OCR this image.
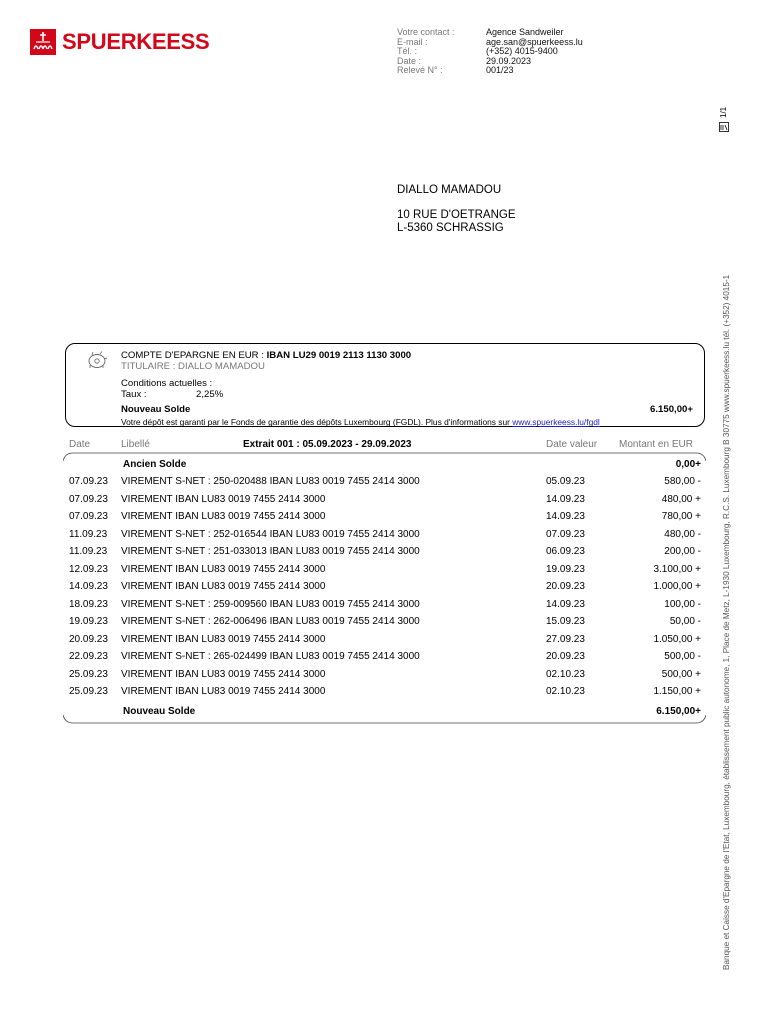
SPUERKEESS	Votre contact :	Agence Sandweiler
E-mail :	age.san@spuerkeess.lu
Tél. :	(+352) 4015-9400
Date :	29.09.2023
Relevé N° :	001/23
1/1
DIALLO MAMADOU
10 RUE D'OETRANGE
L-5360 SCHRASSIG
Banque et Caisse d'Epargne de l'Etat, Luxembourg, établissement public autonome, 1, Place de Metz, L-1930 Luxembourg, R.C.S. Luxembourg B 30775 www.spuerkeess.lu tél. (+352) 4015-1
COMPTE D'EPARGNE EN EUR : IBAN LU29 0019 2113 1130 3000
TITULAIRE : DIALLO MAMADOU
Conditions actuelles :
Taux :	2,25%
Nouveau Solde	6.150,00+
Votre dépôt est garanti par le Fonds de garantie des dépôts Luxembourg (FGDL). Plus d'informations sur www.spuerkeess.lu/fgdl
Date	Libellé	Extrait 001 : 05.09.2023 - 29.09.2023	Date valeur Montant en EUR
Ancien Solde	0,00+
07.09.23 VIREMENT S-NET : 250-020488 IBAN LU83 0019 7455 2414 3000	05.09.23	580,00 -
07.09.23 VIREMENT IBAN LU83 0019 7455 2414 3000	14.09.23	480,00 +
07.09.23 VIREMENT IBAN LU83 0019 7455 2414 3000	14.09.23	780,00 +
11.09.23 VIREMENT S-NET : 252-016544 IBAN LU83 0019 7455 2414 3000	07.09.23	480,00 -
11.09.23 VIREMENT S-NET : 251-033013 IBAN LU83 0019 7455 2414 3000	06.09.23	200,00 -
12.09.23 VIREMENT IBAN LU83 0019 7455 2414 3000	19.09.23	3.100,00 +
14.09.23 VIREMENT IBAN LU83 0019 7455 2414 3000	20.09.23	1.000,00 +
18.09.23 VIREMENT S-NET : 259-009560 IBAN LU83 0019 7455 2414 3000	14.09.23	100,00 -
19.09.23 VIREMENT S-NET : 262-006496 IBAN LU83 0019 7455 2414 3000	15.09.23	50,00 -
20.09.23 VIREMENT IBAN LU83 0019 7455 2414 3000	27.09.23	1.050,00 +
22.09.23 VIREMENT S-NET : 265-024499 IBAN LU83 0019 7455 2414 3000	20.09.23	500,00 -
25.09.23 VIREMENT IBAN LU83 0019 7455 2414 3000	02.10.23	500,00 +
25.09.23 VIREMENT IBAN LU83 0019 7455 2414 3000	02.10.23	1.150,00 +
Nouveau Solde	6.150,00+
